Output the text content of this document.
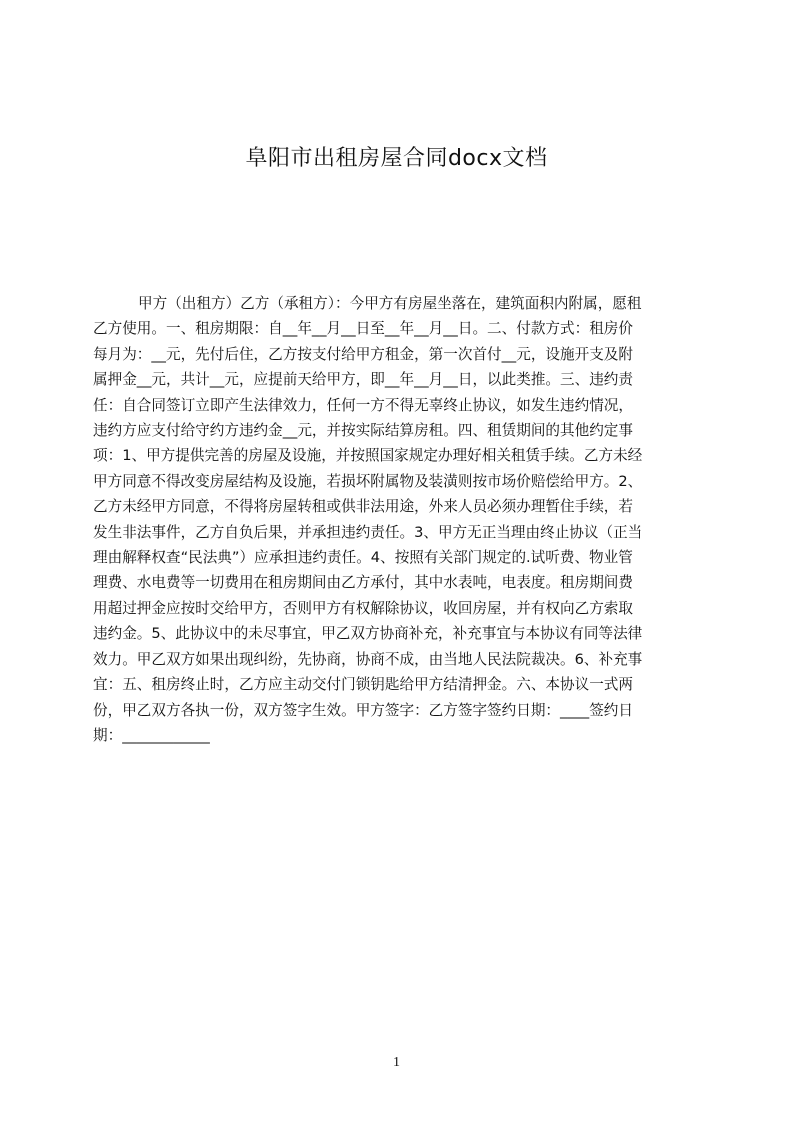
阜阳市出租房屋合同docx文档
甲方（出租方）乙方（承租方）：今甲方有房屋坐落在，建筑面积内附属，愿租
乙方使用。一、租房期限：自__年__月__日至__年__月__日。二、付款方式：租房价
每月为：__元，先付后住，乙方按支付给甲方租金，第一次首付__元，设施开支及附
属押金__元，共计__元，应提前天给甲方，即__年__月__日，以此类推。三、违约责
任：自合同签订立即产生法律效力，任何一方不得无辜终止协议，如发生违约情况，
违约方应支付给守约方违约金__元，并按实际结算房租。四、租赁期间的其他约定事
项：1、甲方提供完善的房屋及设施，并按照国家规定办理好相关租赁手续。乙方未经
甲方同意不得改变房屋结构及设施，若损坏附属物及装潢则按市场价赔偿给甲方。2、
乙方未经甲方同意，不得将房屋转租或供非法用途，外来人员必须办理暂住手续，若
发生非法事件，乙方自负后果，并承担违约责任。3、甲方无正当理由终止协议（正当
理由解释权查“民法典”）应承担违约责任。4、按照有关部门规定的.试听费、物业管
理费、水电费等一切费用在租房期间由乙方承付，其中水表吨，电表度。租房期间费
用超过押金应按时交给甲方，否则甲方有权解除协议，收回房屋，并有权向乙方索取
违约金。5、此协议中的未尽事宜，甲乙双方协商补充，补充事宜与本协议有同等法律
效力。甲乙双方如果出现纠纷，先协商，协商不成，由当地人民法院裁决。6、补充事
宜：五、租房终止时，乙方应主动交付门锁钥匙给甲方结清押金。六、本协议一式两
份，甲乙双方各执一份，双方签字生效。甲方签字：乙方签字签约日期：____签约日
期：____________
1
